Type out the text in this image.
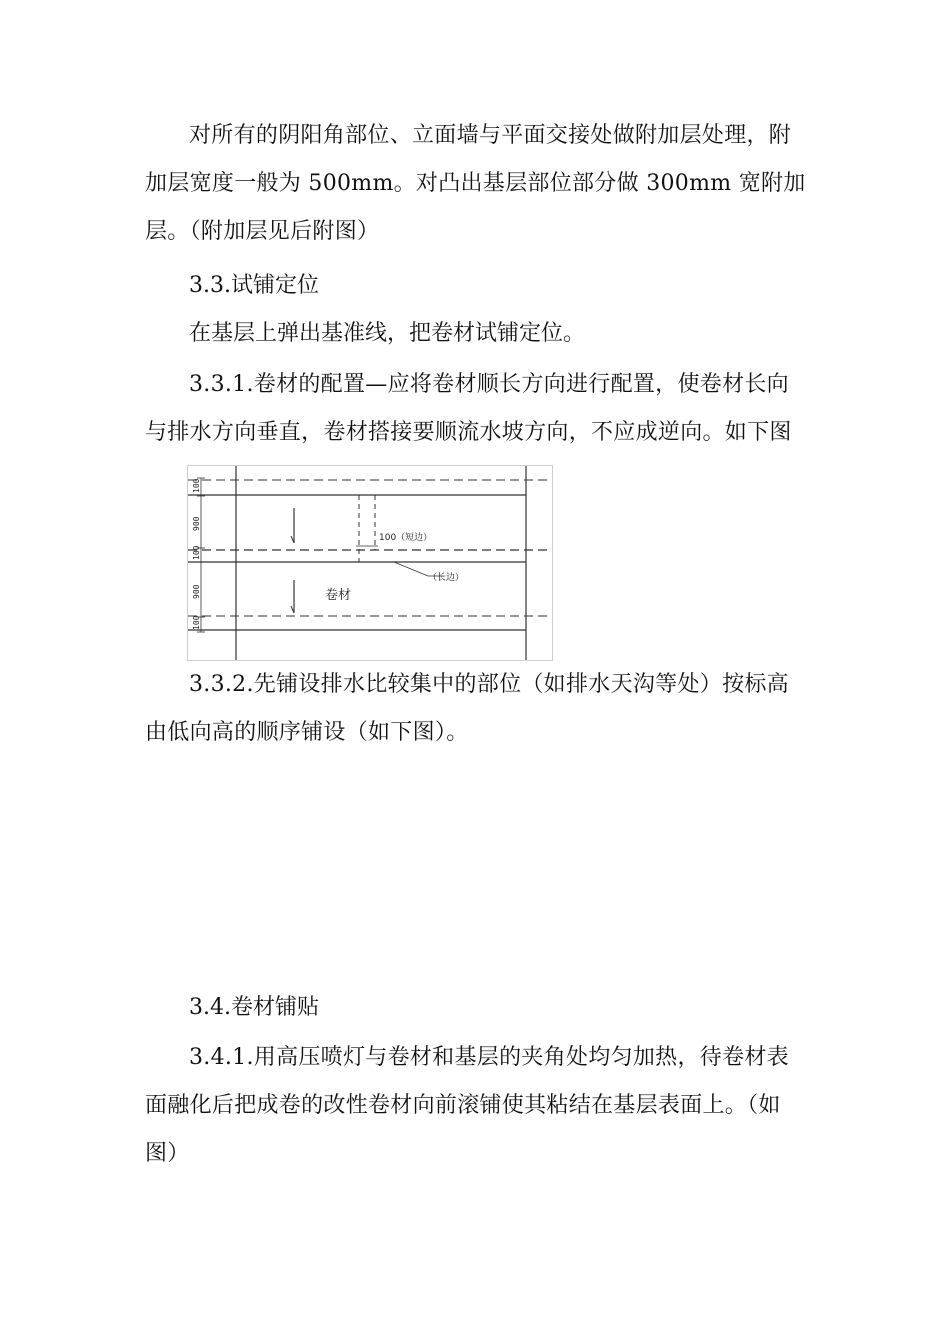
对所有的阴阳角部位、立面墙与平面交接处做附加层处理，附加层宽度一般为 500mm。对凸出基层部位部分做 300mm 宽附加层。（附加层见后附图）

3.3.试铺定位

在基层上弹出基准线，把卷材试铺定位。

3.3.1.卷材的配置—应将卷材顺长方向进行配置，使卷材长向与排水方向垂直，卷材搭接要顺流水坡方向，不应成逆向。如下图

100
900
100
900
100
100（短边）
（长边）
卷材

3.3.2.先铺设排水比较集中的部位（如排水天沟等处）按标高由低向高的顺序铺设（如下图）。

3.4.卷材铺贴

3.4.1.用高压喷灯与卷材和基层的夹角处均匀加热，待卷材表面融化后把成卷的改性卷材向前滚铺使其粘结在基层表面上。（如图）
